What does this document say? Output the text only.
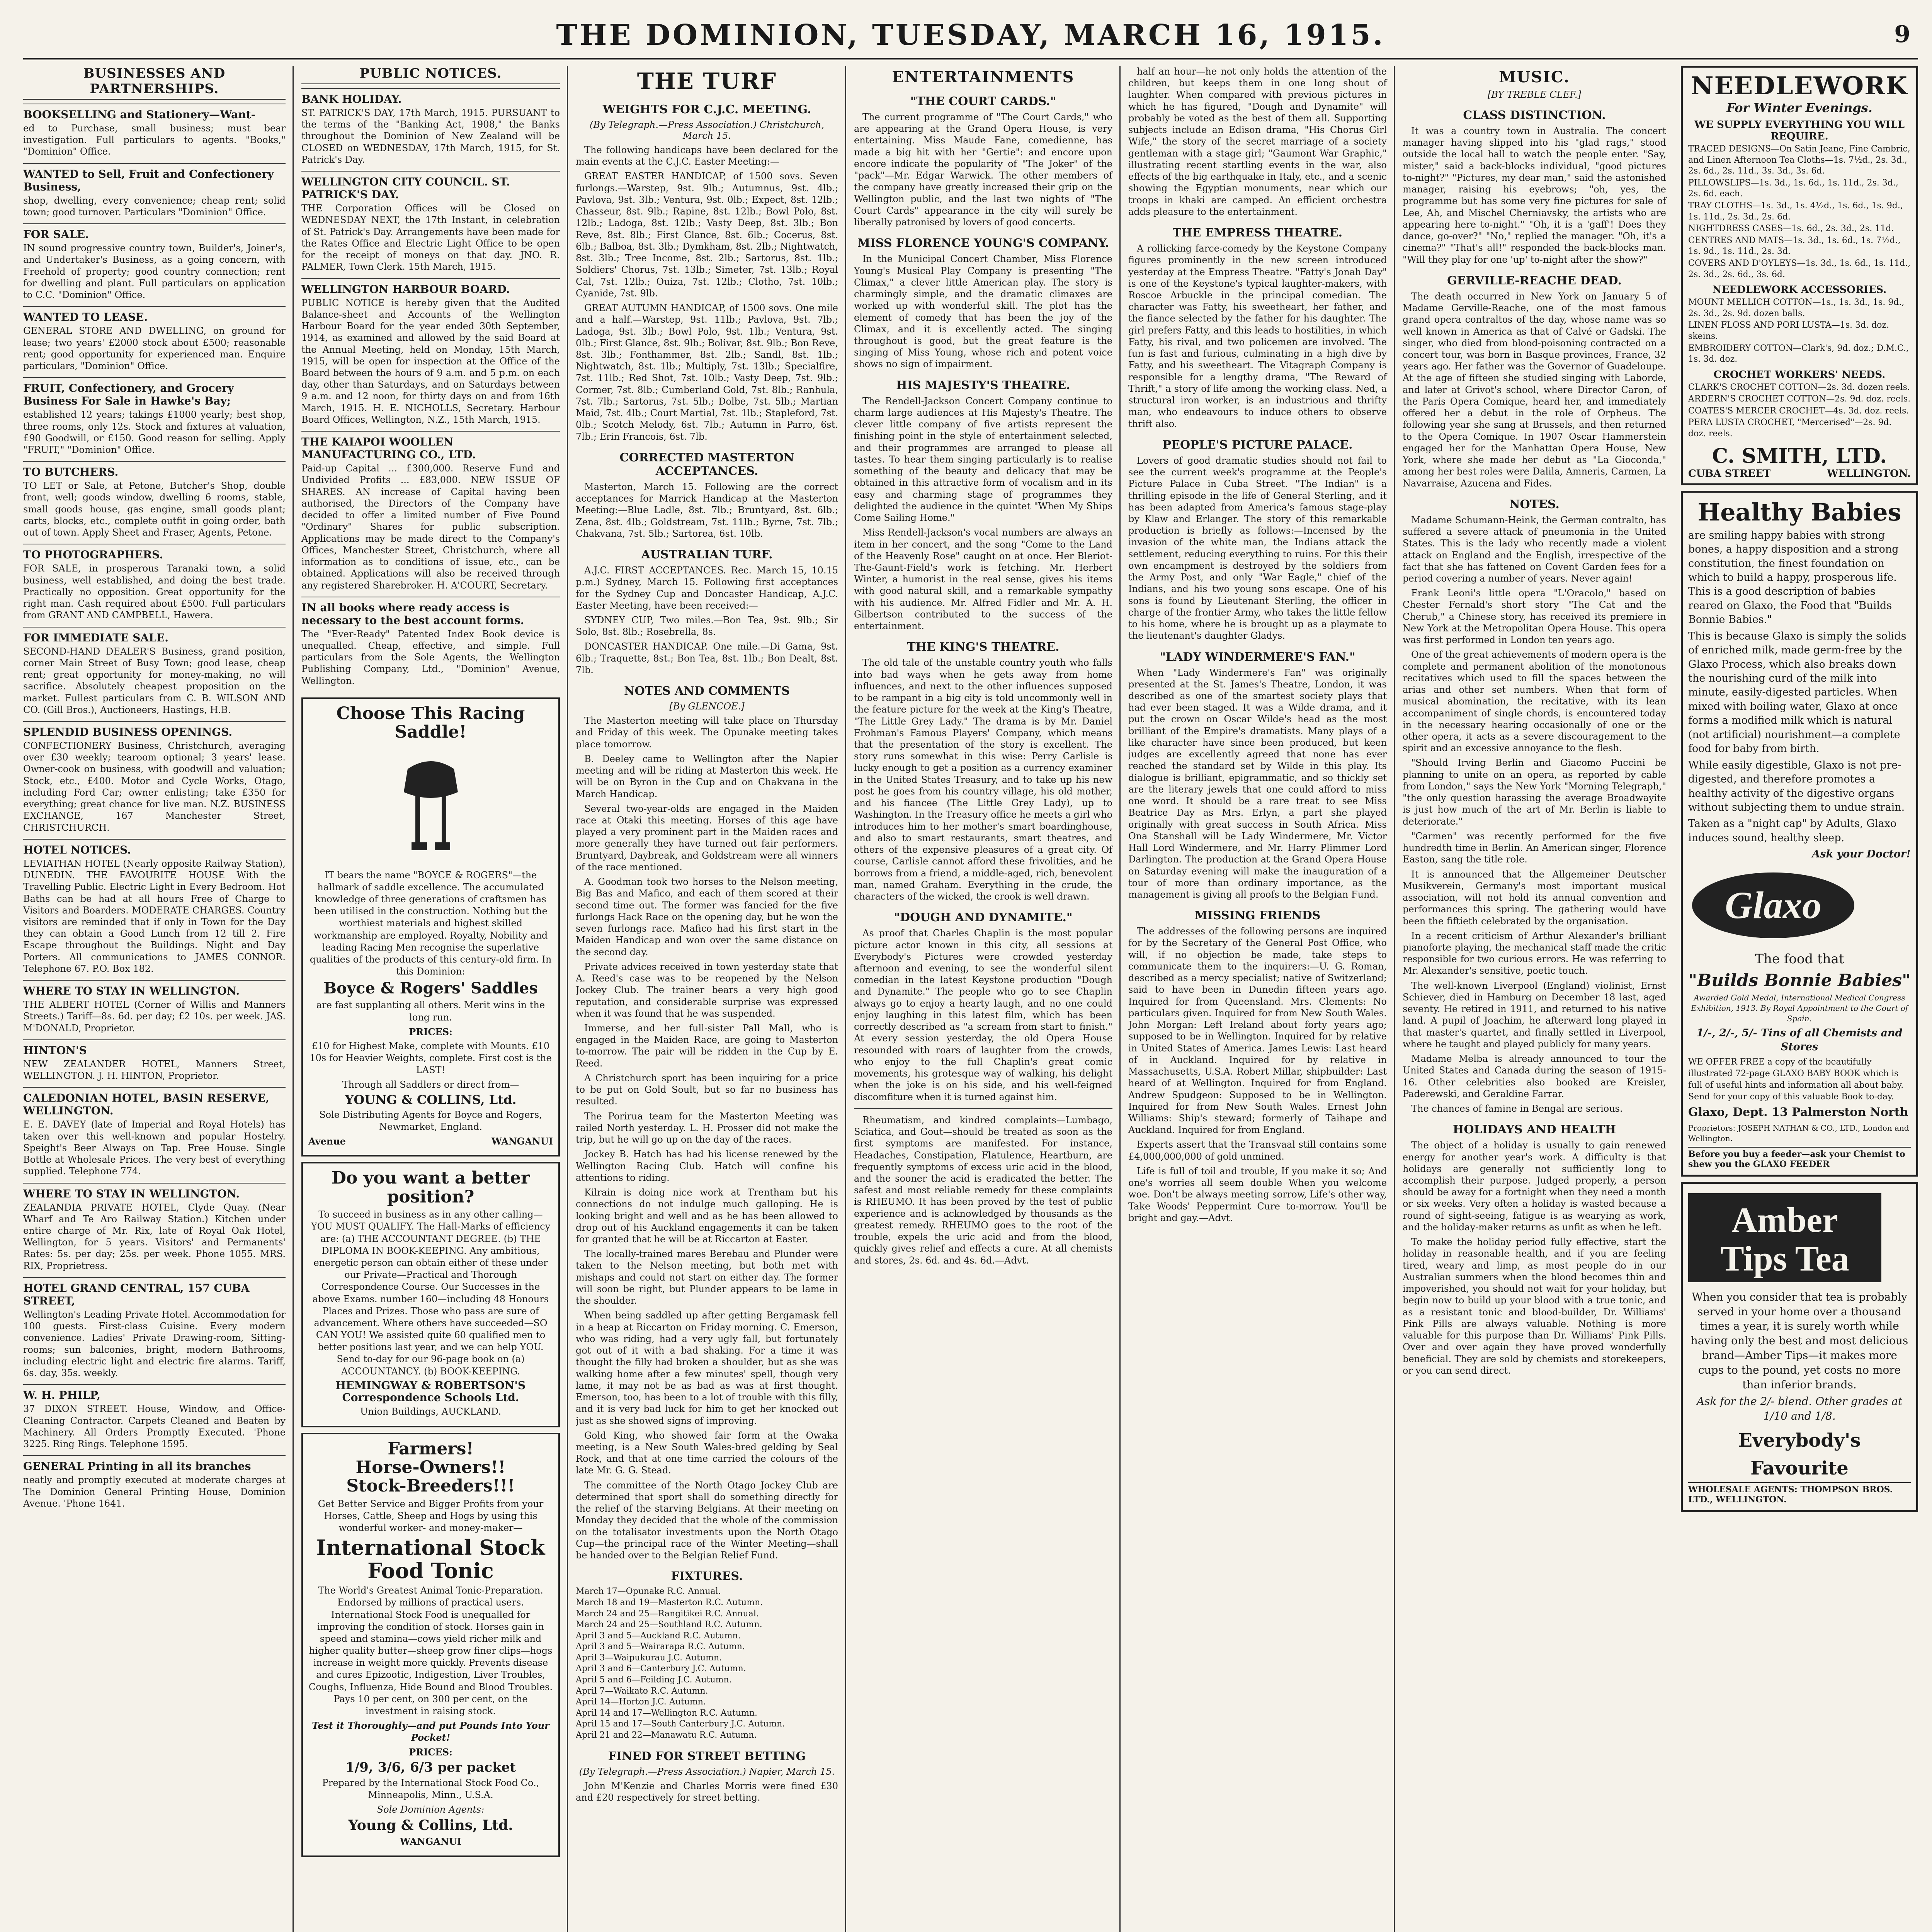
THE DOMINION, TUESDAY, MARCH 16, 1915.	9
BUSINESSES AND PARTNERSHIPS.
BOOKSELLING and Stationery—Want-

ed to Purchase, small business; must bear investigation. Full particulars to agents. "Books," "Dominion" Office.

WANTED to Sell, Fruit and Confectionery Business,

shop, dwelling, every convenience; cheap rent; solid town; good turnover. Particulars "Dominion" Office.

FOR SALE.

IN sound progressive country town, Builder's, Joiner's, and Undertaker's Business, as a going concern, with Freehold of property; good country connection; rent for dwelling and plant. Full particulars on application to C.C. "Dominion" Office.

WANTED TO LEASE.

GENERAL STORE AND DWELLING, on ground for lease; two years' £2000 stock about £500; reasonable rent; good opportunity for experienced man. Enquire particulars, "Dominion" Office.

FRUIT, Confectionery, and Grocery Business For Sale in Hawke's Bay;

established 12 years; takings £1000 yearly; best shop, three rooms, only 12s. Stock and fixtures at valuation, £90 Goodwill, or £150. Good reason for selling. Apply "FRUIT," "Dominion" Office.

TO BUTCHERS.

TO LET or Sale, at Petone, Butcher's Shop, double front, well; goods window, dwelling 6 rooms, stable, small goods house, gas engine, small goods plant; carts, blocks, etc., complete outfit in going order, bath out of town. Apply Sheet and Fraser, Agents, Petone.

TO PHOTOGRAPHERS.

FOR SALE, in prosperous Taranaki town, a solid business, well established, and doing the best trade. Practically no opposition. Great opportunity for the right man. Cash required about £500. Full particulars from GRANT AND CAMPBELL, Hawera.

FOR IMMEDIATE SALE.

SECOND-HAND DEALER'S Business, grand position, corner Main Street of Busy Town; good lease, cheap rent; great opportunity for money-making, no will sacrifice. Absolutely cheapest proposition on the market. Fullest particulars from C. B. WILSON AND CO. (Gill Bros.), Auctioneers, Hastings, H.B.

SPLENDID BUSINESS OPENINGS.

CONFECTIONERY Business, Christchurch, averaging over £30 weekly; tearoom optional; 3 years' lease. Owner-cook on business, with goodwill and valuation; Stock, etc., £400. Motor and Cycle Works, Otago, including Ford Car; owner enlisting; take £350 for everything; great chance for live man. N.Z. BUSINESS EXCHANGE, 167 Manchester Street, CHRISTCHURCH.

HOTEL NOTICES.

LEVIATHAN HOTEL (Nearly opposite Railway Station), DUNEDIN. THE FAVOURITE HOUSE With the Travelling Public. Electric Light in Every Bedroom. Hot Baths can be had at all hours Free of Charge to Visitors and Boarders. MODERATE CHARGES. Country visitors are reminded that if only in Town for the Day they can obtain a Good Lunch from 12 till 2. Fire Escape throughout the Buildings. Night and Day Porters. All communications to JAMES CONNOR. Telephone 67. P.O. Box 182.

WHERE TO STAY IN WELLINGTON.

THE ALBERT HOTEL (Corner of Willis and Manners Streets.) Tariff—8s. 6d. per day; £2 10s. per week. JAS. M'DONALD, Proprietor.

HINTON'S

NEW ZEALANDER HOTEL, Manners Street, WELLINGTON. J. H. HINTON, Proprietor.

CALEDONIAN HOTEL, BASIN RESERVE, WELLINGTON.

E. E. DAVEY (late of Imperial and Royal Hotels) has taken over this well-known and popular Hostelry. Speight's Beer Always on Tap. Free House. Single Bottle at Wholesale Prices. The very best of everything supplied. Telephone 774.

WHERE TO STAY IN WELLINGTON.

ZEALANDIA PRIVATE HOTEL, Clyde Quay. (Near Wharf and Te Aro Railway Station.) Kitchen under entire charge of Mr. Rix, late of Royal Oak Hotel, Wellington, for 5 years. Visitors' and Permanents' Rates: 5s. per day; 25s. per week. Phone 1055. MRS. RIX, Proprietress.

HOTEL GRAND CENTRAL, 157 CUBA STREET,

Wellington's Leading Private Hotel. Accommodation for 100 guests. First-class Cuisine. Every modern convenience. Ladies' Private Drawing-room, Sitting-rooms; sun balconies, bright, modern Bathrooms, including electric light and electric fire alarms. Tariff, 6s. day, 35s. weekly.

W. H. PHILP,

37 DIXON STREET. House, Window, and Office-Cleaning Contractor. Carpets Cleaned and Beaten by Machinery. All Orders Promptly Executed. 'Phone 3225. Ring Rings. Telephone 1595.

GENERAL Printing in all its branches

neatly and promptly executed at moderate charges at The Dominion General Printing House, Dominion Avenue. 'Phone 1641.

PUBLIC NOTICES.
BANK HOLIDAY.

ST. PATRICK'S DAY, 17th March, 1915. PURSUANT to the terms of the "Banking Act, 1908," the Banks throughout the Dominion of New Zealand will be CLOSED on WEDNESDAY, 17th March, 1915, for St. Patrick's Day.

WELLINGTON CITY COUNCIL. ST. PATRICK'S DAY.

THE Corporation Offices will be Closed on WEDNESDAY NEXT, the 17th Instant, in celebration of St. Patrick's Day. Arrangements have been made for the Rates Office and Electric Light Office to be open for the receipt of moneys on that day. JNO. R. PALMER, Town Clerk. 15th March, 1915.

WELLINGTON HARBOUR BOARD.

PUBLIC NOTICE is hereby given that the Audited Balance-sheet and Accounts of the Wellington Harbour Board for the year ended 30th September, 1914, as examined and allowed by the said Board at the Annual Meeting, held on Monday, 15th March, 1915, will be open for inspection at the Office of the Board between the hours of 9 a.m. and 5 p.m. on each day, other than Saturdays, and on Saturdays between 9 a.m. and 12 noon, for thirty days on and from 16th March, 1915. H. E. NICHOLLS, Secretary. Harbour Board Offices, Wellington, N.Z., 15th March, 1915.

THE KAIAPOI WOOLLEN MANUFACTURING CO., LTD.

Paid-up Capital ... £300,000. Reserve Fund and Undivided Profits ... £83,000. NEW ISSUE OF SHARES. AN increase of Capital having been authorised, the Directors of the Company have decided to offer a limited number of Five Pound "Ordinary" Shares for public subscription. Applications may be made direct to the Company's Offices, Manchester Street, Christchurch, where all information as to conditions of issue, etc., can be obtained. Applications will also be received through any registered Sharebroker. H. A'COURT, Secretary.

IN all books where ready access is necessary to the best account forms.

The "Ever-Ready" Patented Index Book device is unequalled. Cheap, effective, and simple. Full particulars from the Sole Agents, the Wellington Publishing Company, Ltd., "Dominion" Avenue, Wellington.

Choose This Racing Saddle!
IT bears the name "BOYCE & ROGERS"—the hallmark of saddle excellence. The accumulated knowledge of three generations of craftsmen has been utilised in the construction. Nothing but the worthiest materials and highest skilled workmanship are employed. Royalty, Nobility and leading Racing Men recognise the superlative qualities of the products of this century-old firm. In this Dominion:
Boyce & Rogers' Saddles
are fast supplanting all others. Merit wins in the long run.
PRICES:
£10 for Highest Make, complete with Mounts. £10 10s for Heavier Weights, complete. First cost is the LAST!
Through all Saddlers or direct from—
YOUNG & COLLINS, Ltd.
Sole Distributing Agents for Boyce and Rogers, Newmarket, England.
Avenue	WANGANUI
Do you want a better position?
To succeed in business as in any other calling—YOU MUST QUALIFY. The Hall-Marks of efficiency are: (a) THE ACCOUNTANT DEGREE. (b) THE DIPLOMA IN BOOK-KEEPING. Any ambitious, energetic person can obtain either of these under our Private—Practical and Thorough Correspondence Course. Our Successes in the above Exams. number 160—including 48 Honours Places and Prizes. Those who pass are sure of advancement. Where others have succeeded—SO CAN YOU! We assisted quite 60 qualified men to better positions last year, and we can help YOU. Send to-day for our 96-page book on (a) ACCOUNTANCY. (b) BOOK-KEEPING.
HEMINGWAY & ROBERTSON'S Correspondence Schools Ltd.
Union Buildings, AUCKLAND.
Farmers!
Horse-Owners!!
Stock-Breeders!!!
Get Better Service and Bigger Profits from your Horses, Cattle, Sheep and Hogs by using this wonderful worker- and money-maker—
International Stock Food Tonic
The World's Greatest Animal Tonic-Preparation. Endorsed by millions of practical users. International Stock Food is unequalled for improving the condition of stock. Horses gain in speed and stamina—cows yield richer milk and higher quality butter—sheep grow finer clips—hogs increase in weight more quickly. Prevents disease and cures Epizootic, Indigestion, Liver Troubles, Coughs, Influenza, Hide Bound and Blood Troubles. Pays 10 per cent, on 300 per cent, on the investment in raising stock.
Test it Thoroughly—and put Pounds Into Your Pocket!
PRICES:
1/9, 3/6, 6/3 per packet
Prepared by the International Stock Food Co., Minneapolis, Minn., U.S.A.
Sole Dominion Agents:
Young & Collins, Ltd.
WANGANUI
THE TURF
WEIGHTS FOR C.J.C. MEETING.
(By Telegraph.—Press Association.) Christchurch, March 15.

The following handicaps have been declared for the main events at the C.J.C. Easter Meeting:—

GREAT EASTER HANDICAP, of 1500 sovs. Seven furlongs.—Warstep, 9st. 9lb.; Autumnus, 9st. 4lb.; Pavlova, 9st. 3lb.; Ventura, 9st. 0lb.; Expect, 8st. 12lb.; Chasseur, 8st. 9lb.; Rapine, 8st. 12lb.; Bowl Polo, 8st. 12lb.; Ladoga, 8st. 12lb.; Vasty Deep, 8st. 3lb.; Bon Reve, 8st. 8lb.; First Glance, 8st. 6lb.; Cocerus, 8st. 6lb.; Balboa, 8st. 3lb.; Dymkham, 8st. 2lb.; Nightwatch, 8st. 3lb.; Tree Income, 8st. 2lb.; Sartorus, 8st. 1lb.; Soldiers' Chorus, 7st. 13lb.; Simeter, 7st. 13lb.; Royal Cal, 7st. 12lb.; Ouiza, 7st. 12lb.; Clotho, 7st. 10lb.; Cyanide, 7st. 9lb.

GREAT AUTUMN HANDICAP, of 1500 sovs. One mile and a half.—Warstep, 9st. 11lb.; Pavlova, 9st. 7lb.; Ladoga, 9st. 3lb.; Bowl Polo, 9st. 1lb.; Ventura, 9st. 0lb.; First Glance, 8st. 9lb.; Bolivar, 8st. 9lb.; Bon Reve, 8st. 3lb.; Fonthammer, 8st. 2lb.; Sandl, 8st. 1lb.; Nightwatch, 8st. 1lb.; Multiply, 7st. 13lb.; Specialfire, 7st. 11lb.; Red Shot, 7st. 10lb.; Vasty Deep, 7st. 9lb.; Cormer, 7st. 8lb.; Cumberland Gold, 7st. 8lb.; Ranhula, 7st. 7lb.; Sartorus, 7st. 5lb.; Dolbe, 7st. 5lb.; Martian Maid, 7st. 4lb.; Court Martial, 7st. 1lb.; Stapleford, 7st. 0lb.; Scotch Melody, 6st. 7lb.; Autumn in Parro, 6st. 7lb.; Erin Francois, 6st. 7lb.

CORRECTED MASTERTON ACCEPTANCES.

Masterton, March 15. Following are the correct acceptances for Marrick Handicap at the Masterton Meeting:—Blue Ladle, 8st. 7lb.; Bruntyard, 8st. 6lb.; Zena, 8st. 4lb.; Goldstream, 7st. 11lb.; Byrne, 7st. 7lb.; Chakvana, 7st. 5lb.; Sartorea, 6st. 10lb.

AUSTRALIAN TURF.

A.J.C. FIRST ACCEPTANCES. Rec. March 15, 10.15 p.m.) Sydney, March 15. Following first acceptances for the Sydney Cup and Doncaster Handicap, A.J.C. Easter Meeting, have been received:—

SYDNEY CUP, Two miles.—Bon Tea, 9st. 9lb.; Sir Solo, 8st. 8lb.; Rosebrella, 8s.

DONCASTER HANDICAP. One mile.—Di Gama, 9st. 6lb.; Traquette, 8st.; Bon Tea, 8st. 1lb.; Bon Dealt, 8st. 7lb.

NOTES AND COMMENTS
[By GLENCOE.]

The Masterton meeting will take place on Thursday and Friday of this week. The Opunake meeting takes place tomorrow.

B. Deeley came to Wellington after the Napier meeting and will be riding at Masterton this week. He will be on Byron in the Cup and on Chakvana in the March Handicap.

Several two-year-olds are engaged in the Maiden race at Otaki this meeting. Horses of this age have played a very prominent part in the Maiden races and more generally they have turned out fair performers. Bruntyard, Daybreak, and Goldstream were all winners of the race mentioned.

A. Goodman took two horses to the Nelson meeting, Big Bas and Mafico, and each of them scored at their second time out. The former was fancied for the five furlongs Hack Race on the opening day, but he won the seven furlongs race. Mafico had his first start in the Maiden Handicap and won over the same distance on the second day.

Private advices received in town yesterday state that A. Reed's case was to be reopened by the Nelson Jockey Club. The trainer bears a very high good reputation, and considerable surprise was expressed when it was found that he was suspended.

Immerse, and her full-sister Pall Mall, who is engaged in the Maiden Race, are going to Masterton to-morrow. The pair will be ridden in the Cup by E. Reed.

A Christchurch sport has been inquiring for a price to be put on Gold Soult, but so far no business has resulted.

The Porirua team for the Masterton Meeting was railed North yesterday. L. H. Prosser did not make the trip, but he will go up on the day of the races.

Jockey B. Hatch has had his license renewed by the Wellington Racing Club. Hatch will confine his attentions to riding.

Kilrain is doing nice work at Trentham but his connections do not indulge much galloping. He is looking bright and well and as he has been allowed to drop out of his Auckland engagements it can be taken for granted that he will be at Riccarton at Easter.

The locally-trained mares Berebau and Plunder were taken to the Nelson meeting, but both met with mishaps and could not start on either day. The former will soon be right, but Plunder appears to be lame in the shoulder.

When being saddled up after getting Bergamask fell in a heap at Riccarton on Friday morning. C. Emerson, who was riding, had a very ugly fall, but fortunately got out of it with a bad shaking. For a time it was thought the filly had broken a shoulder, but as she was walking home after a few minutes' spell, though very lame, it may not be as bad as was at first thought. Emerson, too, has been to a lot of trouble with this filly, and it is very bad luck for him to get her knocked out just as she showed signs of improving.

Gold King, who showed fair form at the Owaka meeting, is a New South Wales-bred gelding by Seal Rock, and that at one time carried the colours of the late Mr. G. G. Stead.

The committee of the North Otago Jockey Club are determined that sport shall do something directly for the relief of the starving Belgians. At their meeting on Monday they decided that the whole of the commission on the totalisator investments upon the North Otago Cup—the principal race of the Winter Meeting—shall be handed over to the Belgian Relief Fund.

FIXTURES.
March 17—Opunake R.C. Annual.
March 18 and 19—Masterton R.C. Autumn.
March 24 and 25—Rangitikei R.C. Annual.
March 24 and 25—Southland R.C. Autumn.
April 3 and 5—Auckland R.C. Autumn.
April 3 and 5—Wairarapa R.C. Autumn.
April 3—Waipukurau J.C. Autumn.
April 3 and 6—Canterbury J.C. Autumn.
April 5 and 6—Feilding J.C. Autumn.
April 7—Waikato R.C. Autumn.
April 14—Horton J.C. Autumn.
April 14 and 17—Wellington R.C. Autumn.
April 15 and 17—South Canterbury J.C. Autumn.
April 21 and 22—Manawatu R.C. Autumn.
FINED FOR STREET BETTING
(By Telegraph.—Press Association.) Napier, March 15.

John M'Kenzie and Charles Morris were fined £30 and £20 respectively for street betting.

ENTERTAINMENTS
"THE COURT CARDS."

The current programme of "The Court Cards," who are appearing at the Grand Opera House, is very entertaining. Miss Maude Fane, comedienne, has made a big hit with her "Gertie": and encore upon encore indicate the popularity of "The Joker" of the "pack"—Mr. Edgar Warwick. The other members of the company have greatly increased their grip on the Wellington public, and the last two nights of "The Court Cards" appearance in the city will surely be liberally patronised by lovers of good concerts.

MISS FLORENCE YOUNG'S COMPANY.

In the Municipal Concert Chamber, Miss Florence Young's Musical Play Company is presenting "The Climax," a clever little American play. The story is charmingly simple, and the dramatic climaxes are worked up with wonderful skill. The plot has the element of comedy that has been the joy of the Climax, and it is excellently acted. The singing throughout is good, but the great feature is the singing of Miss Young, whose rich and potent voice shows no sign of impairment.

HIS MAJESTY'S THEATRE.

The Rendell-Jackson Concert Company continue to charm large audiences at His Majesty's Theatre. The clever little company of five artists represent the finishing point in the style of entertainment selected, and their programmes are arranged to please all tastes. To hear them singing particularly is to realise something of the beauty and delicacy that may be obtained in this attractive form of vocalism and in its easy and charming stage of programmes they delighted the audience in the quintet "When My Ships Come Sailing Home."

Miss Rendell-Jackson's vocal numbers are always an item in her concert, and the song "Come to the Land of the Heavenly Rose" caught on at once. Her Bleriot-The-Gaunt-Field's work is fetching. Mr. Herbert Winter, a humorist in the real sense, gives his items with good natural skill, and a remarkable sympathy with his audience. Mr. Alfred Fidler and Mr. A. H. Gilbertson contributed to the success of the entertainment.

THE KING'S THEATRE.

The old tale of the unstable country youth who falls into bad ways when he gets away from home influences, and next to the other influences supposed to be rampant in a big city is told uncommonly well in the feature picture for the week at the King's Theatre, "The Little Grey Lady." The drama is by Mr. Daniel Frohman's Famous Players' Company, which means that the presentation of the story is excellent. The story runs somewhat in this wise: Perry Carlisle is lucky enough to get a position as a currency examiner in the United States Treasury, and to take up his new post he goes from his country village, his old mother, and his fiancee (The Little Grey Lady), up to Washington. In the Treasury office he meets a girl who introduces him to her mother's smart boardinghouse, and also to smart restaurants, smart theatres, and others of the expensive pleasures of a great city. Of course, Carlisle cannot afford these frivolities, and he borrows from a friend, a middle-aged, rich, benevolent man, named Graham. Everything in the crude, the characters of the wicked, the crook is well drawn.

"DOUGH AND DYNAMITE."

As proof that Charles Chaplin is the most popular picture actor known in this city, all sessions at Everybody's Pictures were crowded yesterday afternoon and evening, to see the wonderful silent comedian in the latest Keystone production "Dough and Dynamite." The people who go to see Chaplin always go to enjoy a hearty laugh, and no one could enjoy laughing in this latest film, which has been correctly described as "a scream from start to finish." At every session yesterday, the old Opera House resounded with roars of laughter from the crowds, who enjoy to the full Chaplin's great comic movements, his grotesque way of walking, his delight when the joke is on his side, and his well-feigned discomfiture when it is turned against him.

Rheumatism, and kindred complaints—Lumbago, Sciatica, and Gout—should be treated as soon as the first symptoms are manifested. For instance, Headaches, Constipation, Flatulence, Heartburn, are frequently symptoms of excess uric acid in the blood, and the sooner the acid is eradicated the better. The safest and most reliable remedy for these complaints is RHEUMO. It has been proved by the test of public experience and is acknowledged by thousands as the greatest remedy. RHEUMO goes to the root of the trouble, expels the uric acid and from the blood, quickly gives relief and effects a cure. At all chemists and stores, 2s. 6d. and 4s. 6d.—Advt.

half an hour—he not only holds the attention of the children, but keeps them in one long shout of laughter. When compared with previous pictures in which he has figured, "Dough and Dynamite" will probably be voted as the best of them all. Supporting subjects include an Edison drama, "His Chorus Girl Wife," the story of the secret marriage of a society gentleman with a stage girl; "Gaumont War Graphic," illustrating recent startling events in the war, also effects of the big earthquake in Italy, etc., and a scenic showing the Egyptian monuments, near which our troops in khaki are camped. An efficient orchestra adds pleasure to the entertainment.

THE EMPRESS THEATRE.

A rollicking farce-comedy by the Keystone Company figures prominently in the new screen introduced yesterday at the Empress Theatre. "Fatty's Jonah Day" is one of the Keystone's typical laughter-makers, with Roscoe Arbuckle in the principal comedian. The character was Fatty, his sweetheart, her father, and the fiance selected by the father for his daughter. The girl prefers Fatty, and this leads to hostilities, in which Fatty, his rival, and two policemen are involved. The fun is fast and furious, culminating in a high dive by Fatty, and his sweetheart. The Vitagraph Company is responsible for a lengthy drama, "The Reward of Thrift," a story of life among the working class. Ned, a structural iron worker, is an industrious and thrifty man, who endeavours to induce others to observe thrift also.

PEOPLE'S PICTURE PALACE.

Lovers of good dramatic studies should not fail to see the current week's programme at the People's Picture Palace in Cuba Street. "The Indian" is a thrilling episode in the life of General Sterling, and it has been adapted from America's famous stage-play by Klaw and Erlanger. The story of this remarkable production is briefly as follows:—Incensed by the invasion of the white man, the Indians attack the settlement, reducing everything to ruins. For this their own encampment is destroyed by the soldiers from the Army Post, and only "War Eagle," chief of the Indians, and his two young sons escape. One of his sons is found by Lieutenant Sterling, the officer in charge of the frontier Army, who takes the little fellow to his home, where he is brought up as a playmate to the lieutenant's daughter Gladys.

"LADY WINDERMERE'S FAN."

When "Lady Windermere's Fan" was originally presented at the St. James's Theatre, London, it was described as one of the smartest society plays that had ever been staged. It was a Wilde drama, and it put the crown on Oscar Wilde's head as the most brilliant of the Empire's dramatists. Many plays of a like character have since been produced, but keen judges are excellently agreed that none has ever reached the standard set by Wilde in this play. Its dialogue is brilliant, epigrammatic, and so thickly set are the literary jewels that one could afford to miss one word. It should be a rare treat to see Miss Beatrice Day as Mrs. Erlyn, a part she played originally with great success in South Africa. Miss Ona Stanshall will be Lady Windermere, Mr. Victor Hall Lord Windermere, and Mr. Harry Plimmer Lord Darlington. The production at the Grand Opera House on Saturday evening will make the inauguration of a tour of more than ordinary importance, as the management is giving all proofs to the Belgian Fund.

MISSING FRIENDS

The addresses of the following persons are inquired for by the Secretary of the General Post Office, who will, if no objection be made, take steps to communicate them to the inquirers:—U. G. Roman, described as a mercy specialist; native of Switzerland; said to have been in Dunedin fifteen years ago. Inquired for from Queensland. Mrs. Clements: No particulars given. Inquired for from New South Wales. John Morgan: Left Ireland about forty years ago; supposed to be in Wellington. Inquired for by relative in United States of America. James Lewis: Last heard of in Auckland. Inquired for by relative in Massachusetts, U.S.A. Robert Millar, shipbuilder: Last heard of at Wellington. Inquired for from England. Andrew Spudgeon: Supposed to be in Wellington. Inquired for from New South Wales. Ernest John Williams: Ship's steward; formerly of Taihape and Auckland. Inquired for from England.

Experts assert that the Transvaal still contains some £4,000,000,000 of gold unmined.

Life is full of toil and trouble, If you make it so; And one's worries all seem double When you welcome woe. Don't be always meeting sorrow, Life's other way, Take Woods' Peppermint Cure to-morrow. You'll be bright and gay.—Advt.

MUSIC.
[BY TREBLE CLEF.]
CLASS DISTINCTION.

It was a country town in Australia. The concert manager having slipped into his "glad rags," stood outside the local hall to watch the people enter. "Say, mister," said a back-blocks individual, "good pictures to-night?" "Pictures, my dear man," said the astonished manager, raising his eyebrows; "oh, yes, the programme but has some very fine pictures for sale of Lee, Ah, and Mischel Cherniavsky, the artists who are appearing here to-night." "Oh, it is a 'gaff'! Does they dance, go-over?" "No," replied the manager. "Oh, it's a cinema?" "That's all!" responded the back-blocks man. "Will they play for one 'up' to-night after the show?"

GERVILLE-REACHE DEAD.

The death occurred in New York on January 5 of Madame Gerville-Reache, one of the most famous grand opera contraltos of the day, whose name was so well known in America as that of Calvé or Gadski. The singer, who died from blood-poisoning contracted on a concert tour, was born in Basque provinces, France, 32 years ago. Her father was the Governor of Guadeloupe. At the age of fifteen she studied singing with Laborde, and later at Grivot's school, where Director Caron, of the Paris Opera Comique, heard her, and immediately offered her a debut in the role of Orpheus. The following year she sang at Brussels, and then returned to the Opera Comique. In 1907 Oscar Hammerstein engaged her for the Manhattan Opera House, New York, where she made her debut as "La Gioconda," among her best roles were Dalila, Amneris, Carmen, La Navarraise, Azucena and Fides.

NOTES.

Madame Schumann-Heink, the German contralto, has suffered a severe attack of pneumonia in the United States. This is the lady who recently made a violent attack on England and the English, irrespective of the fact that she has fattened on Covent Garden fees for a period covering a number of years. Never again!

Frank Leoni's little opera "L'Oracolo," based on Chester Fernald's short story "The Cat and the Cherub," a Chinese story, has received its premiere in New York at the Metropolitan Opera House. This opera was first performed in London ten years ago.

One of the great achievements of modern opera is the complete and permanent abolition of the monotonous recitatives which used to fill the spaces between the arias and other set numbers. When that form of musical abomination, the recitative, with its lean accompaniment of single chords, is encountered today in the necessary hearing occasionally of one or the other opera, it acts as a severe discouragement to the spirit and an excessive annoyance to the flesh.

"Should Irving Berlin and Giacomo Puccini be planning to unite on an opera, as reported by cable from London," says the New York "Morning Telegraph," "the only question harassing the average Broadwayite is just how much of the art of Mr. Berlin is liable to deteriorate."

"Carmen" was recently performed for the five hundredth time in Berlin. An American singer, Florence Easton, sang the title role.

It is announced that the Allgemeiner Deutscher Musikverein, Germany's most important musical association, will not hold its annual convention and performances this spring. The gathering would have been the fiftieth celebrated by the organisation.

In a recent criticism of Arthur Alexander's brilliant pianoforte playing, the mechanical staff made the critic responsible for two curious errors. He was referring to Mr. Alexander's sensitive, poetic touch.

The well-known Liverpool (England) violinist, Ernst Schiever, died in Hamburg on December 18 last, aged seventy. He retired in 1911, and returned to his native land. A pupil of Joachim, he afterward long played in that master's quartet, and finally settled in Liverpool, where he taught and played publicly for many years.

Madame Melba is already announced to tour the United States and Canada during the season of 1915-16. Other celebrities also booked are Kreisler, Paderewski, and Geraldine Farrar.

The chances of famine in Bengal are serious.

HOLIDAYS AND HEALTH

The object of a holiday is usually to gain renewed energy for another year's work. A difficulty is that holidays are generally not sufficiently long to accomplish their purpose. Judged properly, a person should be away for a fortnight when they need a month or six weeks. Very often a holiday is wasted because a round of sight-seeing, fatigue is as wearying as work, and the holiday-maker returns as unfit as when he left.

To make the holiday period fully effective, start the holiday in reasonable health, and if you are feeling tired, weary and limp, as most people do in our Australian summers when the blood becomes thin and impoverished, you should not wait for your holiday, but begin now to build up your blood with a true tonic, and as a resistant tonic and blood-builder, Dr. Williams' Pink Pills are always valuable. Nothing is more valuable for this purpose than Dr. Williams' Pink Pills. Over and over again they have proved wonderfully beneficial. They are sold by chemists and storekeepers, or you can send direct.

NEEDLEWORK
For Winter Evenings.
WE SUPPLY EVERYTHING YOU WILL REQUIRE.
TRACED DESIGNS—On Satin Jeane, Fine Cambric, and Linen Afternoon Tea Cloths—1s. 7½d., 2s. 3d., 2s. 6d., 2s. 11d., 3s. 3d., 3s. 6d.
PILLOWSLIPS—1s. 3d., 1s. 6d., 1s. 11d., 2s. 3d., 2s. 6d. each.
TRAY CLOTHS—1s. 3d., 1s. 4½d., 1s. 6d., 1s. 9d., 1s. 11d., 2s. 3d., 2s. 6d.
NIGHTDRESS CASES—1s. 6d., 2s. 3d., 2s. 11d.
CENTRES AND MATS—1s. 3d., 1s. 6d., 1s. 7½d., 1s. 9d., 1s. 11d., 2s. 3d.
COVERS AND D'OYLEYS—1s. 3d., 1s. 6d., 1s. 11d., 2s. 3d., 2s. 6d., 3s. 6d.
NEEDLEWORK ACCESSORIES.
MOUNT MELLICH COTTON—1s., 1s. 3d., 1s. 9d., 2s. 3d., 2s. 9d. dozen balls.
LINEN FLOSS AND PORI LUSTA—1s. 3d. doz. skeins.
EMBROIDERY COTTON—Clark's, 9d. doz.; D.M.C., 1s. 3d. doz.
CROCHET WORKERS' NEEDS.
CLARK'S CROCHET COTTON—2s. 3d. dozen reels.
ARDERN'S CROCHET COTTON—2s. 9d. doz. reels.
COATES'S MERCER CROCHET—4s. 3d. doz. reels.
PERA LUSTA CROCHET, "Mercerised"—2s. 9d. doz. reels.
C. SMITH, LTD.
CUBA STREET	WELLINGTON.
Healthy Babies
are smiling happy babies with strong bones, a happy disposition and a strong constitution, the finest foundation on which to build a happy, prosperous life. This is a good description of babies reared on Glaxo, the Food that "Builds Bonnie Babies."
This is because Glaxo is simply the solids of enriched milk, made germ-free by the Glaxo Process, which also breaks down the nourishing curd of the milk into minute, easily-digested particles. When mixed with boiling water, Glaxo at once forms a modified milk which is natural (not artificial) nourishment—a complete food for baby from birth.
While easily digestible, Glaxo is not pre-digested, and therefore promotes a healthy activity of the digestive organs without subjecting them to undue strain.
Taken as a "night cap" by Adults, Glaxo induces sound, healthy sleep.
Ask your Doctor!
Glaxo
The food that
"Builds Bonnie Babies"
Awarded Gold Medal, International Medical Congress Exhibition, 1913. By Royal Appointment to the Court of Spain.
1/-, 2/-, 5/- Tins of all Chemists and Stores
WE OFFER FREE a copy of the beautifully illustrated 72-page GLAXO BABY BOOK which is full of useful hints and information all about baby. Send for your copy of this valuable Book to-day.
Glaxo, Dept. 13 Palmerston North
Proprietors: JOSEPH NATHAN & CO., LTD., London and Wellington.
Before you buy a feeder—ask your Chemist to shew you the GLAXO FEEDER
Amber
Tips Tea
When you consider that tea is probably served in your home over a thousand times a year, it is surely worth while having only the best and most delicious brand—Amber Tips—it makes more cups to the pound, yet costs no more than inferior brands.
Ask for the 2/- blend. Other grades at 1/10 and 1/8.
Everybody's
Favourite
WHOLESALE AGENTS: THOMPSON BROS. LTD., WELLINGTON.
